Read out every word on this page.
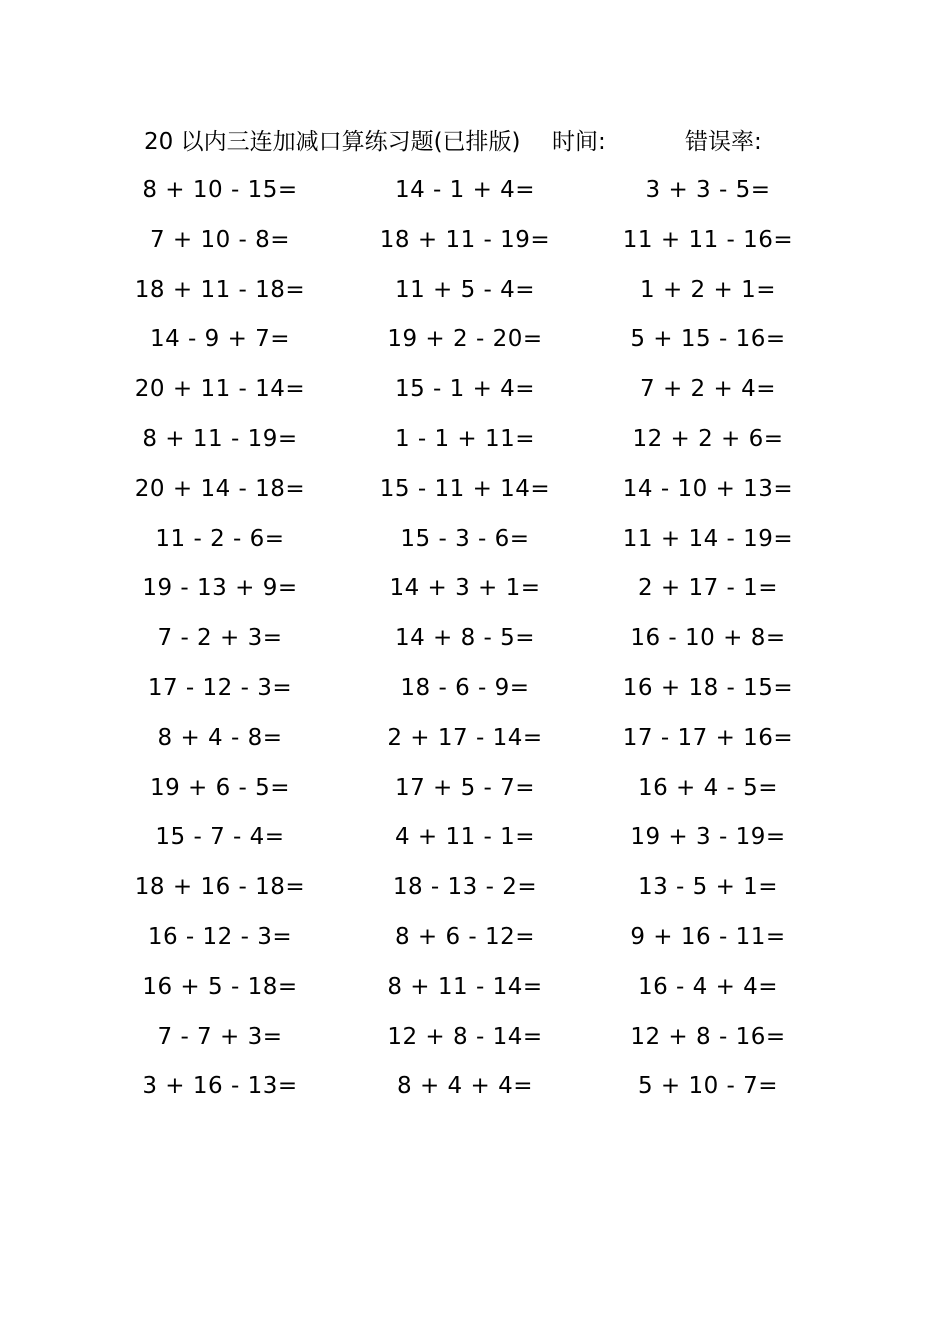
20 以内三连加减口算练习题(已排版) 时间:	错误率:
8 + 10 - 15=	14 - 1 + 4=	3 + 3 - 5=
7 + 10 - 8=	18 + 11 - 19=	11 + 11 - 16=
18 + 11 - 18=	11 + 5 - 4=	1 + 2 + 1=
14 - 9 + 7=	19 + 2 - 20=	5 + 15 - 16=
20 + 11 - 14=	15 - 1 + 4=	7 + 2 + 4=
8 + 11 - 19=	1 - 1 + 11=	12 + 2 + 6=
20 + 14 - 18=	15 - 11 + 14=	14 - 10 + 13=
11 - 2 - 6=	15 - 3 - 6=	11 + 14 - 19=
19 - 13 + 9=	14 + 3 + 1=	2 + 17 - 1=
7 - 2 + 3=	14 + 8 - 5=	16 - 10 + 8=
17 - 12 - 3=	18 - 6 - 9=	16 + 18 - 15=
8 + 4 - 8=	2 + 17 - 14=	17 - 17 + 16=
19 + 6 - 5=	17 + 5 - 7=	16 + 4 - 5=
15 - 7 - 4=	4 + 11 - 1=	19 + 3 - 19=
18 + 16 - 18=	18 - 13 - 2=	13 - 5 + 1=
16 - 12 - 3=	8 + 6 - 12=	9 + 16 - 11=
16 + 5 - 18=	8 + 11 - 14=	16 - 4 + 4=
7 - 7 + 3=	12 + 8 - 14=	12 + 8 - 16=
3 + 16 - 13=	8 + 4 + 4=	5 + 10 - 7=
